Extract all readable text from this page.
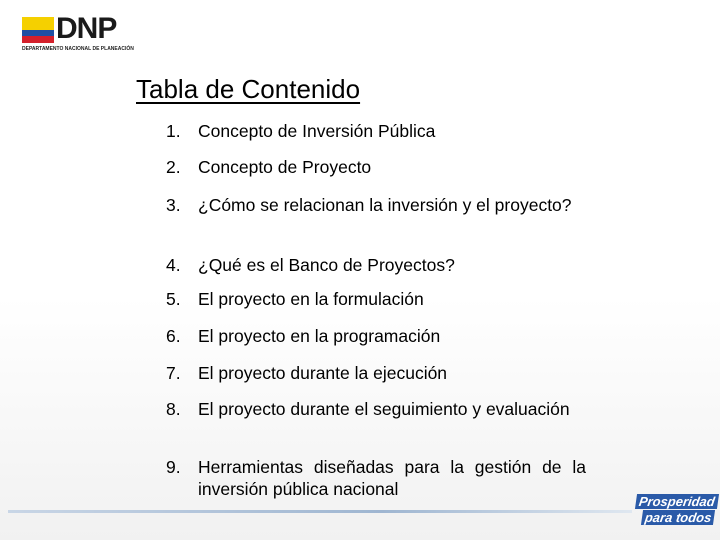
DNP
DEPARTAMENTO NACIONAL DE PLANEACIÓN
Tabla de Contenido
1. Concepto de Inversión Pública
2. Concepto de Proyecto
3. ¿Cómo se relacionan la inversión y el proyecto?
4. ¿Qué es el Banco de Proyectos?
5. El proyecto en la formulación
6. El proyecto en la programación
7. El proyecto durante la ejecución
8. El proyecto durante el seguimiento y evaluación
9. Herramientas diseñadas para la gestión de la inversión pública nacional
Prosperidad
para todos
